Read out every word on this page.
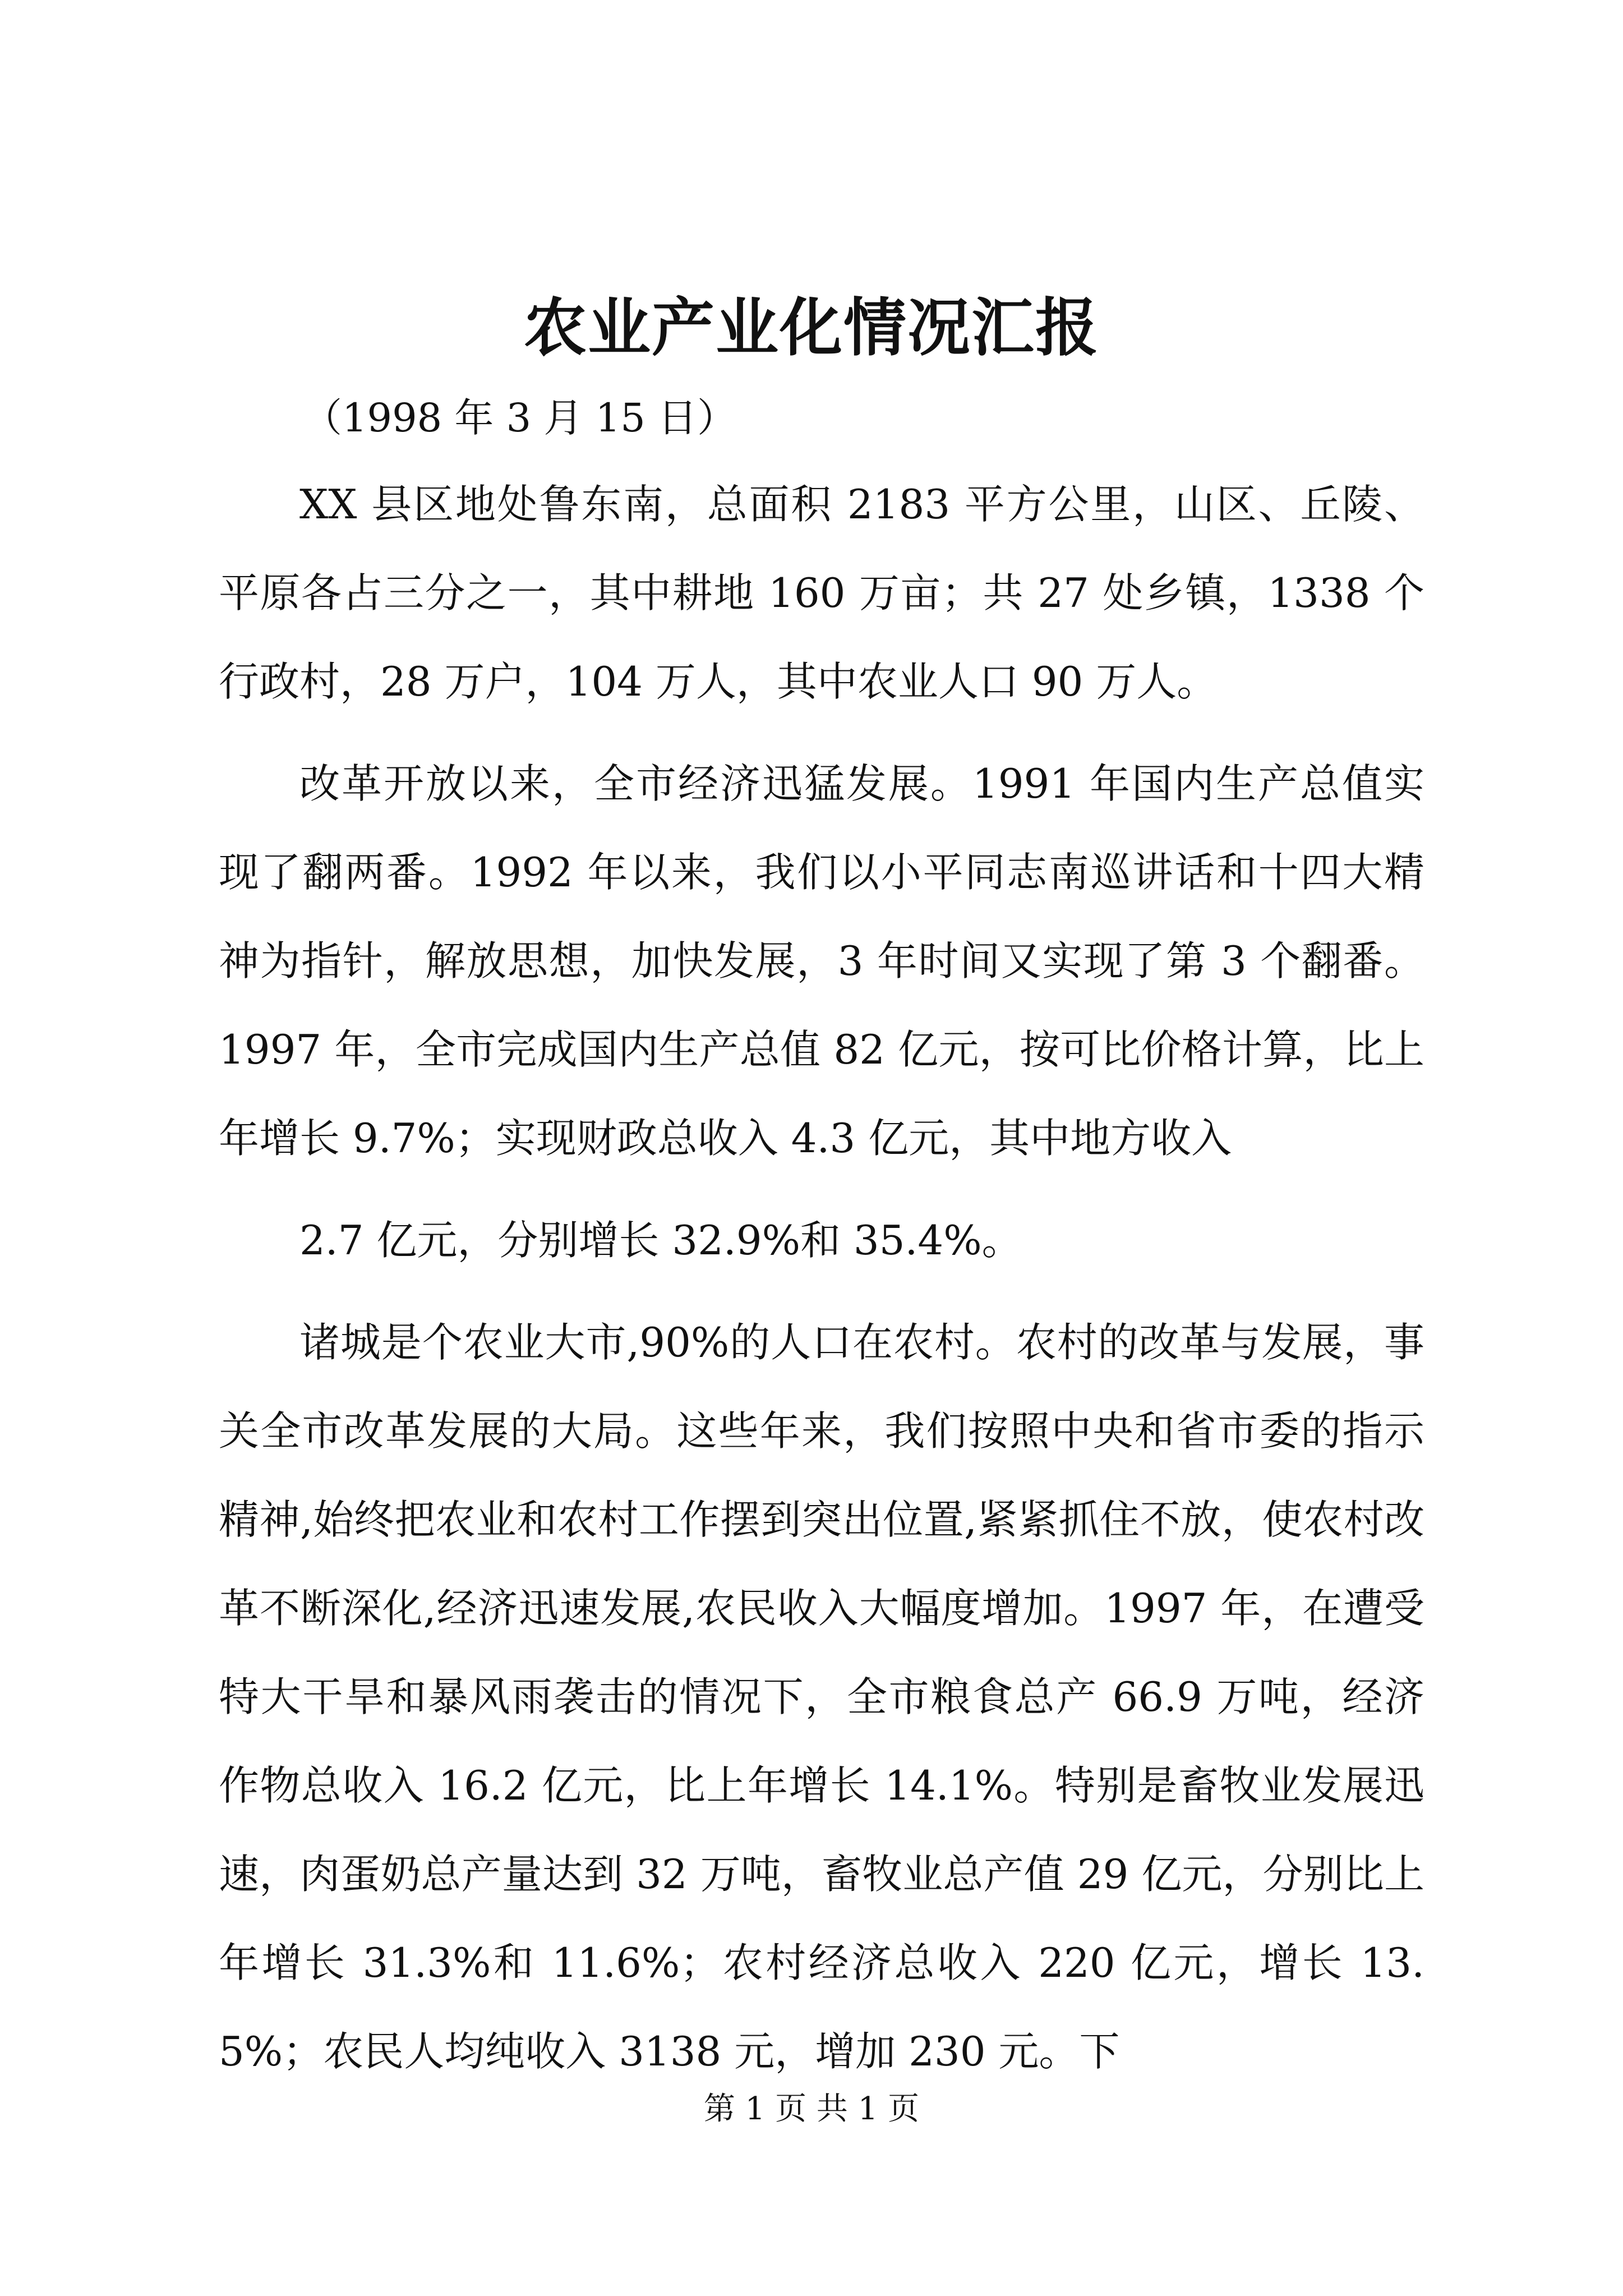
农业产业化情况汇报

（1998 年 3 月 15 日）

XX 县区地处鲁东南，总面积 2183 平方公里，山区、丘陵、平原各占三分之一，其中耕地 160 万亩；共 27 处乡镇，1338 个行政村，28 万户，104 万人，其中农业人口 90 万人。

改革开放以来，全市经济迅猛发展。1991 年国内生产总值实现了翻两番。1992 年以来，我们以小平同志南巡讲话和十四大精神为指针，解放思想，加快发展，3 年时间又实现了第 3 个翻番。1997 年，全市完成国内生产总值 82 亿元，按可比价格计算，比上年增长 9.7%；实现财政总收入 4.3 亿元，其中地方收入

2.7 亿元，分别增长 32.9%和 35.4%。

诸城是个农业大市,90%的人口在农村。农村的改革与发展，事关全市改革发展的大局。这些年来，我们按照中央和省市委的指示精神,始终把农业和农村工作摆到突出位置,紧紧抓住不放，使农村改革不断深化,经济迅速发展,农民收入大幅度增加。1997 年，在遭受特大干旱和暴风雨袭击的情况下，全市粮食总产 66.9 万吨，经济作物总收入 16.2 亿元，比上年增长 14.1%。特别是畜牧业发展迅速，肉蛋奶总产量达到 32 万吨，畜牧业总产值 29 亿元，分别比上年增长 31.3%和 11.6%；农村经济总收入 220 亿元，增长 13.5%；农民人均纯收入 3138 元，增加 230 元。下

第 1 页 共 1 页
